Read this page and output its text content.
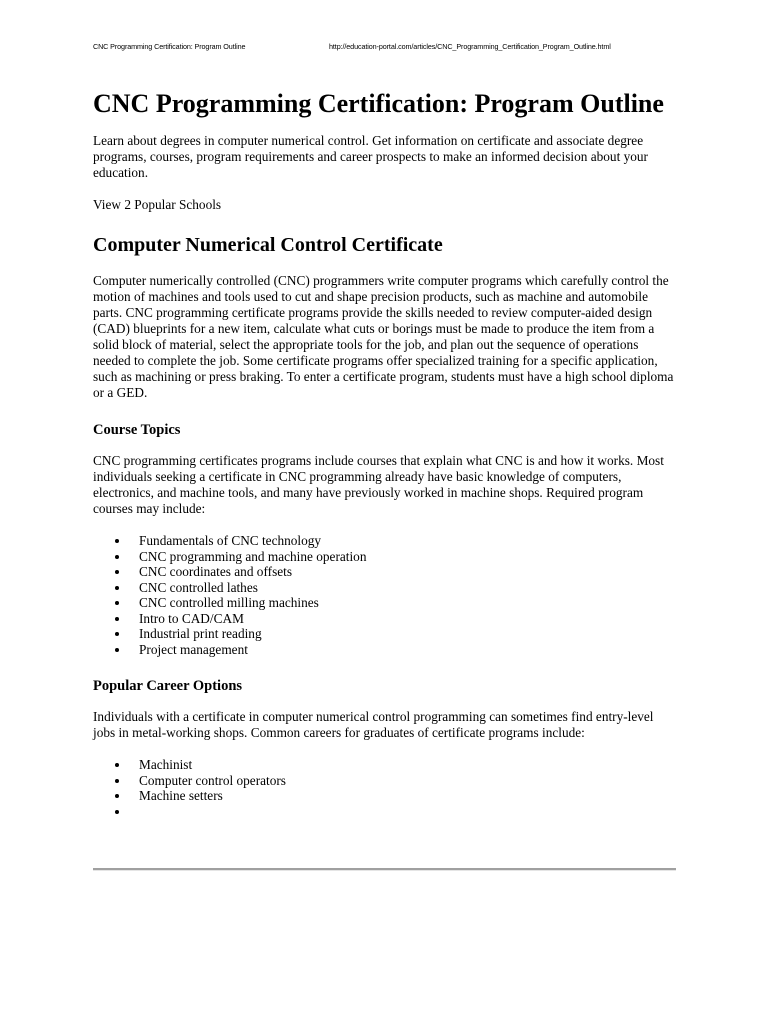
CNC Programming Certification: Program Outline	http://education-portal.com/articles/CNC_Programming_Certification_Program_Outline.html
CNC Programming Certification: Program Outline

Learn about degrees in computer numerical control. Get information on certificate and associate degree programs, courses, program requirements and career prospects to make an informed decision about your education.

View 2 Popular Schools

Computer Numerical Control Certificate

Computer numerically controlled (CNC) programmers write computer programs which carefully control the motion of machines and tools used to cut and shape precision products, such as machine and automobile parts. CNC programming certificate programs provide the skills needed to review computer-aided design (CAD) blueprints for a new item, calculate what cuts or borings must be made to produce the item from a solid block of material, select the appropriate tools for the job, and plan out the sequence of operations needed to complete the job. Some certificate programs offer specialized training for a specific application, such as machining or press braking. To enter a certificate program, students must have a high school diploma or a GED.

Course Topics

CNC programming certificates programs include courses that explain what CNC is and how it works. Most individuals seeking a certificate in CNC programming already have basic knowledge of computers, electronics, and machine tools, and many have previously worked in machine shops. Required program courses may include:

Fundamentals of CNC technology
CNC programming and machine operation
CNC coordinates and offsets
CNC controlled lathes
CNC controlled milling machines
Intro to CAD/CAM
Industrial print reading
Project management
Popular Career Options

Individuals with a certificate in computer numerical control programming can sometimes find entry-level jobs in metal-working shops. Common careers for graduates of certificate programs include:

Machinist
Computer control operators
Machine setters
